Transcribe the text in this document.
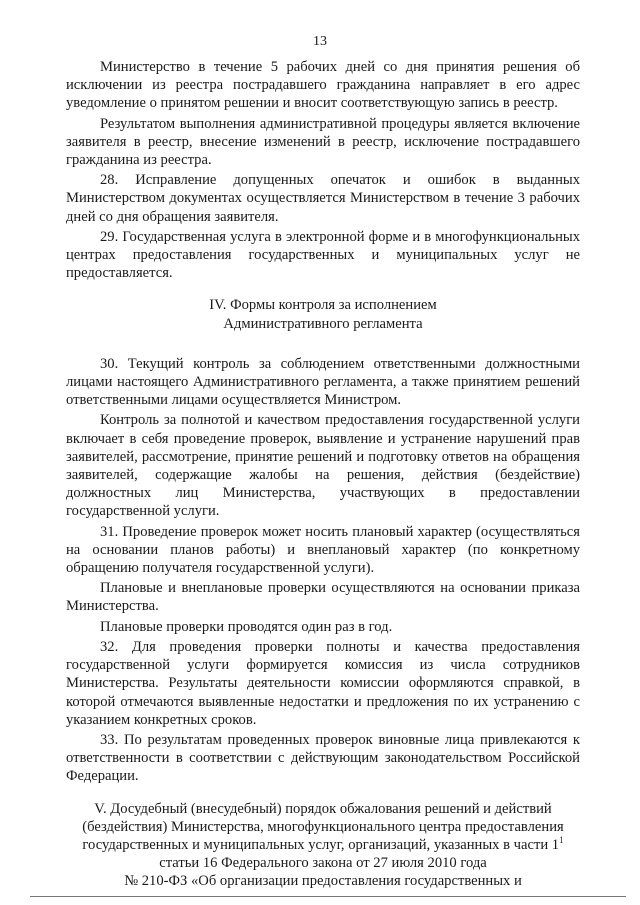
13

Министерство в течение 5 рабочих дней со дня принятия решения об исключении из реестра пострадавшего гражданина направляет в его адрес уведомление о принятом решении и вносит соответствующую запись в реестр.

Результатом выполнения административной процедуры является включение заявителя в реестр, внесение изменений в реестр, исключение пострадавшего гражданина из реестра.

28. Исправление допущенных опечаток и ошибок в выданных Министерством документах осуществляется Министерством в течение 3 рабочих дней со дня обращения заявителя.

29. Государственная услуга в электронной форме и в многофункциональных центрах предоставления государственных и муниципальных услуг не предоставляется.

IV. Формы контроля за исполнением
Административного регламента

30. Текущий контроль за соблюдением ответственными должностными лицами настоящего Административного регламента, а также принятием решений ответственными лицами осуществляется Министром.

Контроль за полнотой и качеством предоставления государственной услуги включает в себя проведение проверок, выявление и устранение нарушений прав заявителей, рассмотрение, принятие решений и подготовку ответов на обращения заявителей, содержащие жалобы на решения, действия (бездействие) должностных лиц Министерства, участвующих в предоставлении государственной услуги.

31. Проведение проверок может носить плановый характер (осуществляться на основании планов работы) и внеплановый характер (по конкретному обращению получателя государственной услуги).

Плановые и внеплановые проверки осуществляются на основании приказа Министерства.

Плановые проверки проводятся один раз в год.

32. Для проведения проверки полноты и качества предоставления государственной услуги формируется комиссия из числа сотрудников Министерства. Результаты деятельности комиссии оформляются справкой, в которой отмечаются выявленные недостатки и предложения по их устранению с указанием конкретных сроков.

33. По результатам проведенных проверок виновные лица привлекаются к ответственности в соответствии с действующим законодательством Российской Федерации.

V. Досудебный (внесудебный) порядок обжалования решений и действий
(бездействия) Министерства, многофункционального центра предоставления
государственных и муниципальных услуг, организаций, указанных в части $1^1$
статьи 16 Федерального закона от 27 июля 2010 года
№ 210-ФЗ «Об организации предоставления государственных и
